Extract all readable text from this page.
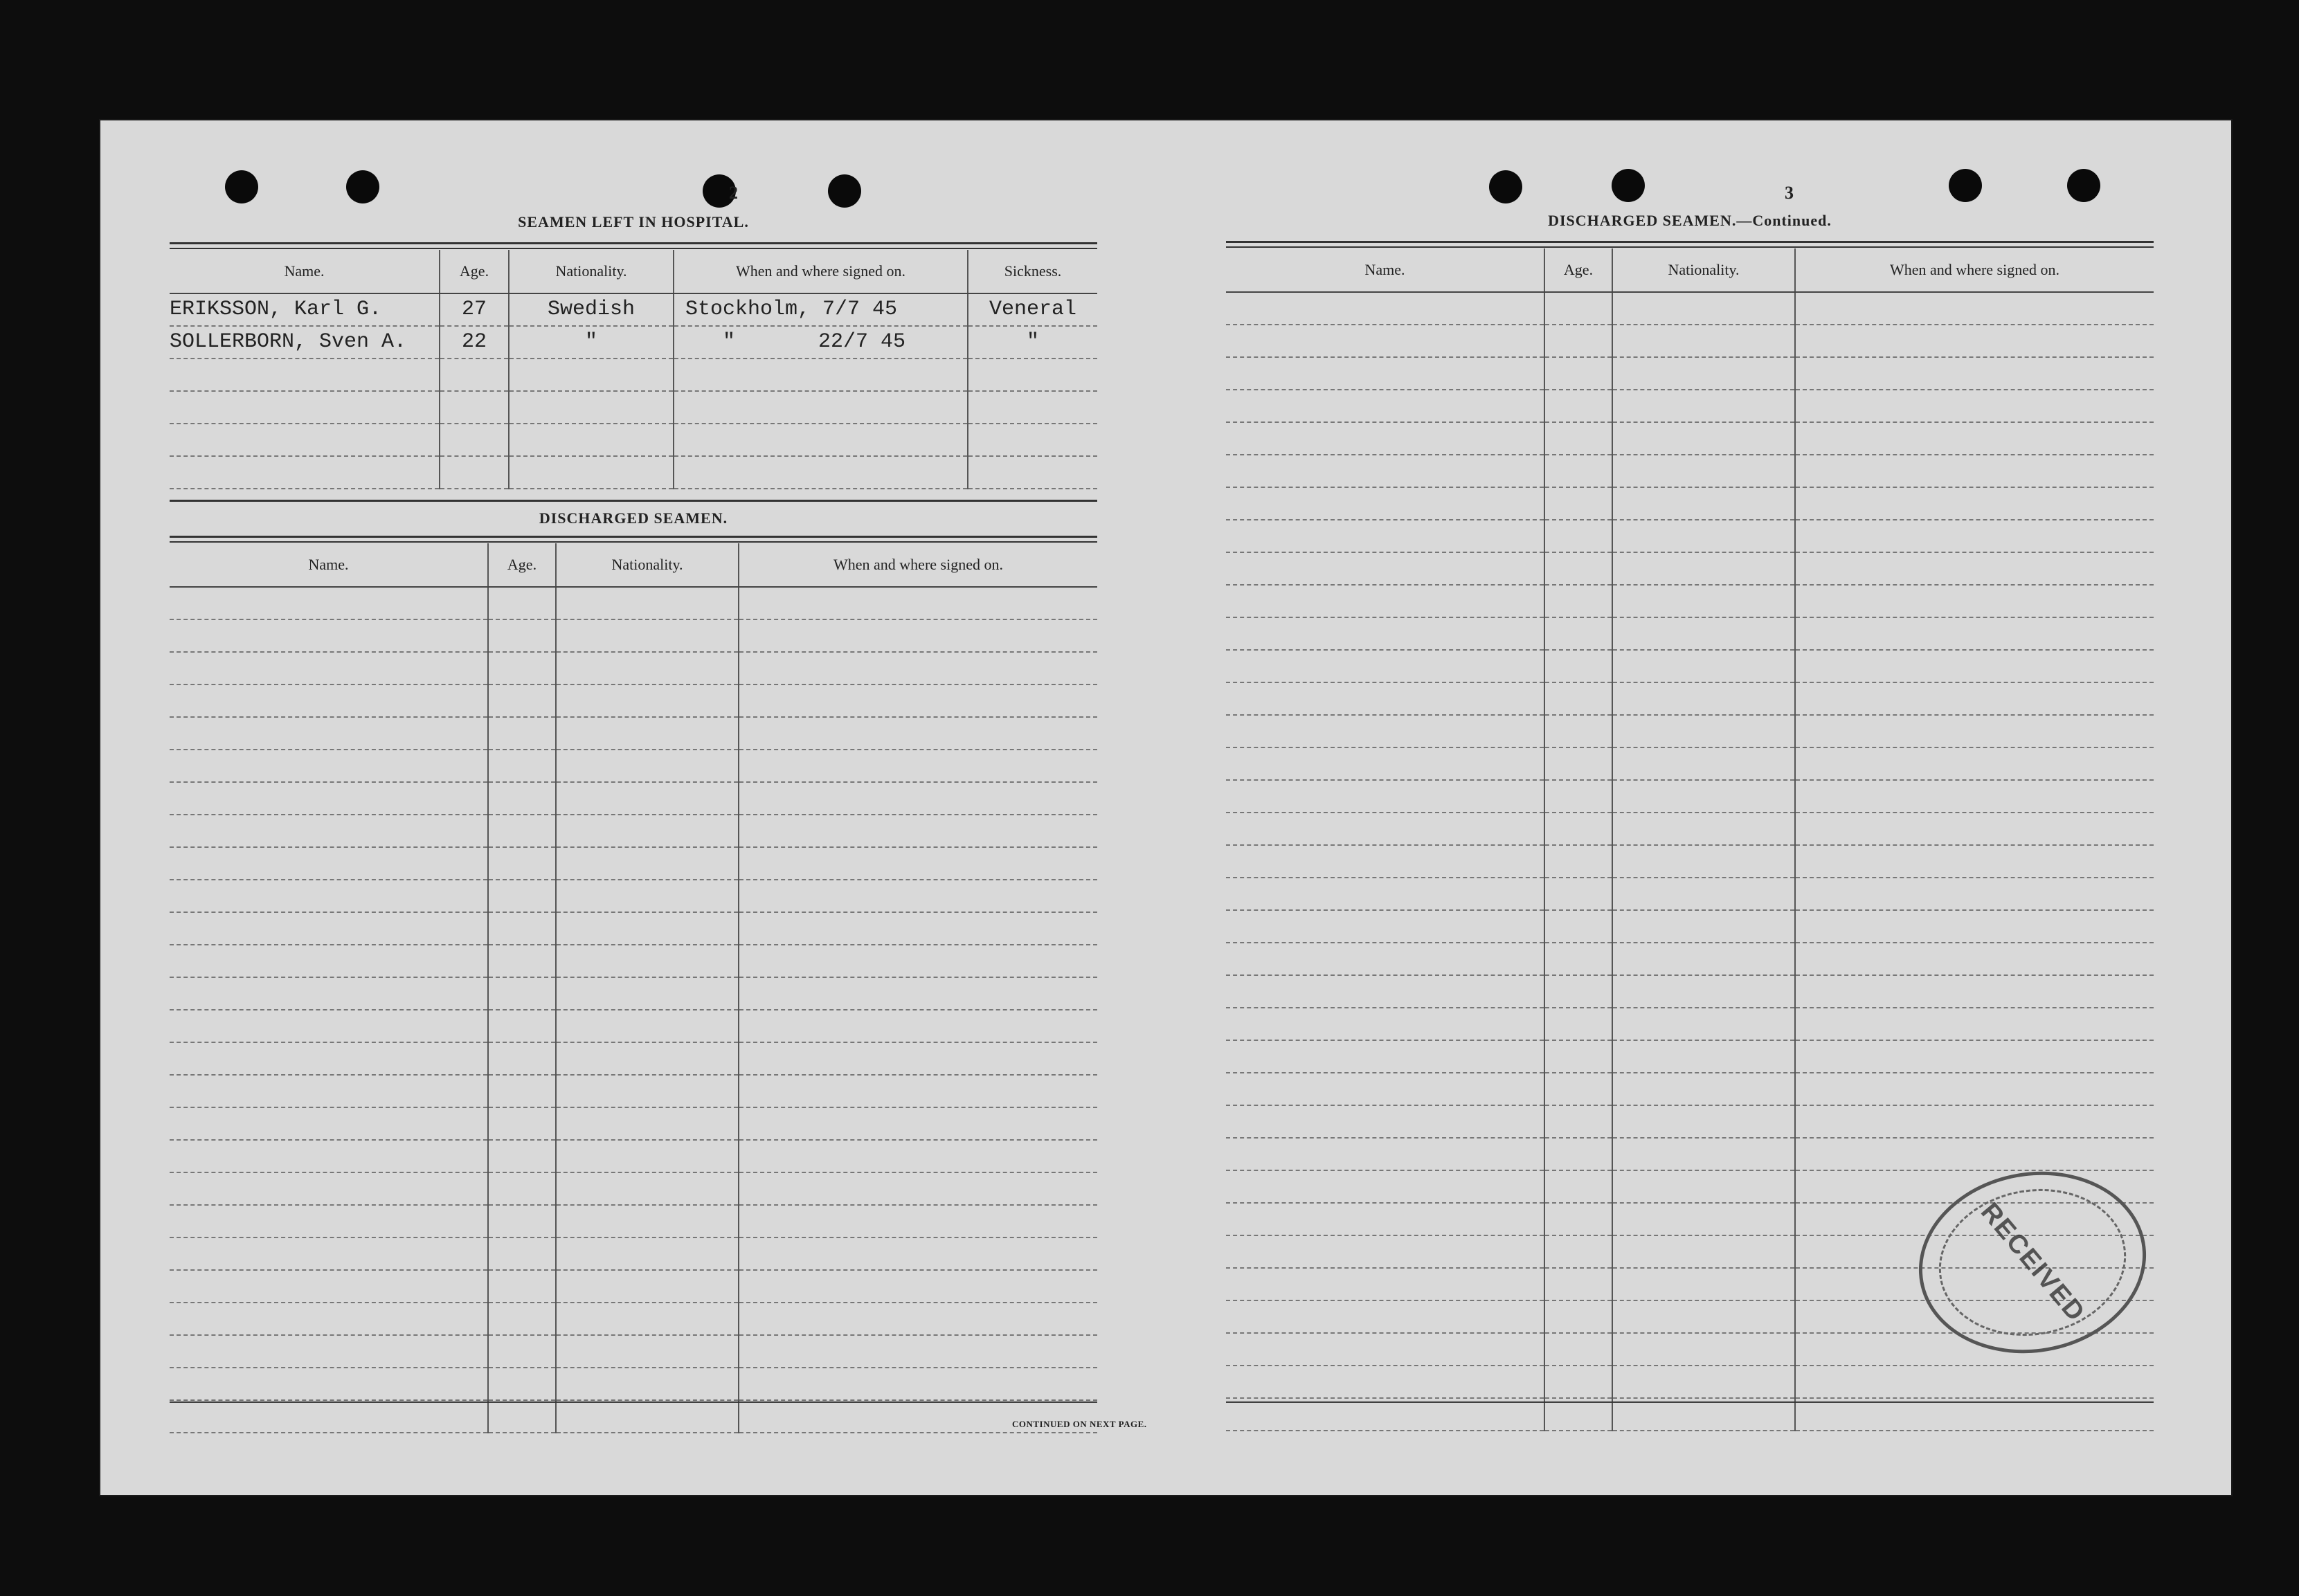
2
SEAMEN LEFT IN HOSPITAL.
Name.	Age.	Nationality.	When and where signed on.	Sickness.
ERIKSSON, Karl G.	27	Swedish	Stockholm, 7/7 45	Veneral
SOLLERBORN, Sven A.	22	"	" 22/7 45	"

DISCHARGED SEAMEN.
Name.	Age.	Nationality.	When and where signed on.

CONTINUED ON NEXT PAGE.
3
DISCHARGED SEAMEN.—Continued.
Name.	Age.	Nationality.	When and where signed on.

RECEIVED
